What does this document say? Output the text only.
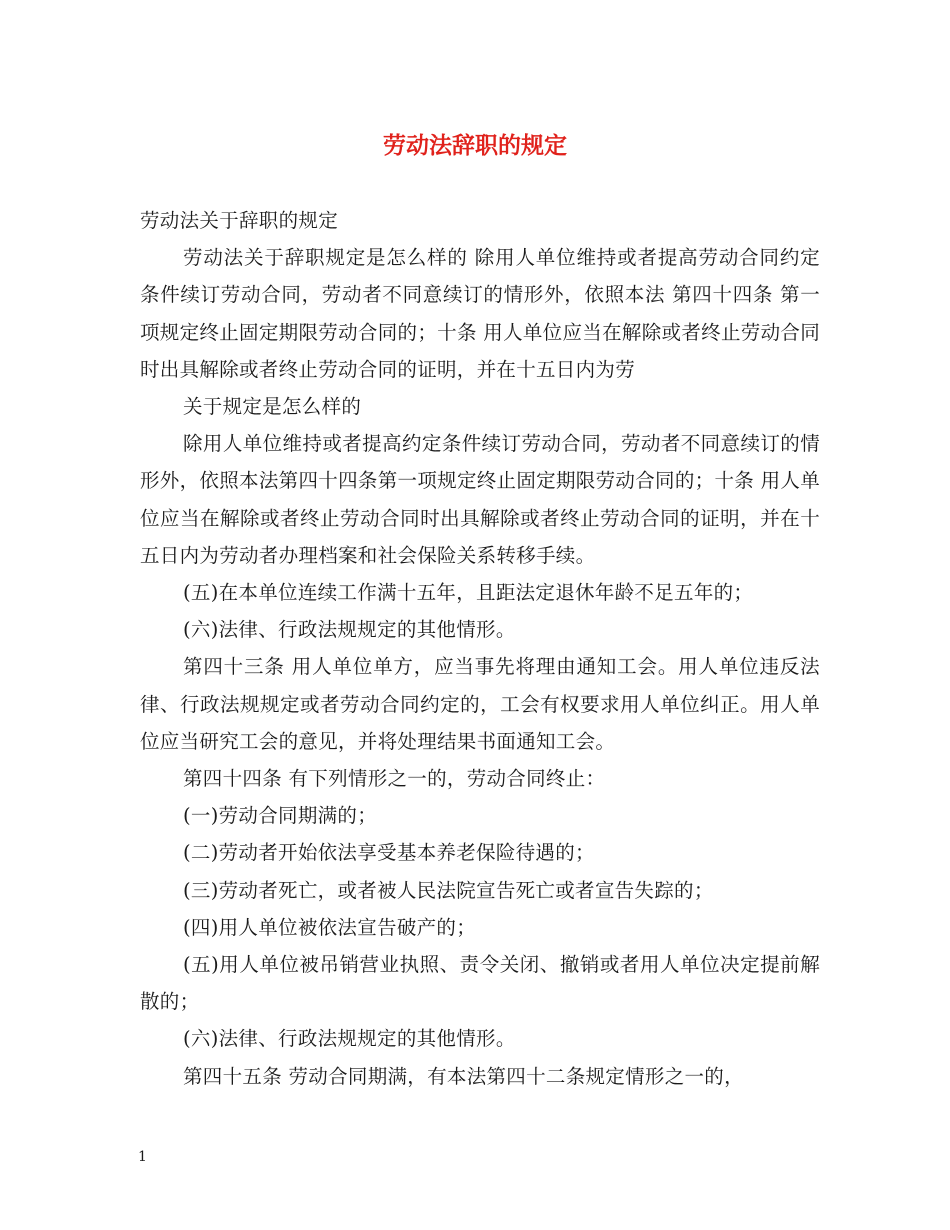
劳动法辞职的规定

劳动法关于辞职的规定

劳动法关于辞职规定是怎么样的 除用人单位维持或者提高劳动合同约定条件续订劳动合同，劳动者不同意续订的情形外，依照本法 第四十四条 第一项规定终止固定期限劳动合同的；十条 用人单位应当在解除或者终止劳动合同时出具解除或者终止劳动合同的证明，并在十五日内为劳

关于规定是怎么样的

除用人单位维持或者提高约定条件续订劳动合同，劳动者不同意续订的情形外，依照本法第四十四条第一项规定终止固定期限劳动合同的；十条 用人单位应当在解除或者终止劳动合同时出具解除或者终止劳动合同的证明，并在十五日内为劳动者办理档案和社会保险关系转移手续。

(五)在本单位连续工作满十五年，且距法定退休年龄不足五年的；

(六)法律、行政法规规定的其他情形。

第四十三条 用人单位单方，应当事先将理由通知工会。用人单位违反法律、行政法规规定或者劳动合同约定的，工会有权要求用人单位纠正。用人单位应当研究工会的意见，并将处理结果书面通知工会。

第四十四条 有下列情形之一的，劳动合同终止：

(一)劳动合同期满的；

(二)劳动者开始依法享受基本养老保险待遇的；

(三)劳动者死亡，或者被人民法院宣告死亡或者宣告失踪的；

(四)用人单位被依法宣告破产的；

(五)用人单位被吊销营业执照、责令关闭、撤销或者用人单位决定提前解散的；

(六)法律、行政法规规定的其他情形。

第四十五条 劳动合同期满，有本法第四十二条规定情形之一的，

1
